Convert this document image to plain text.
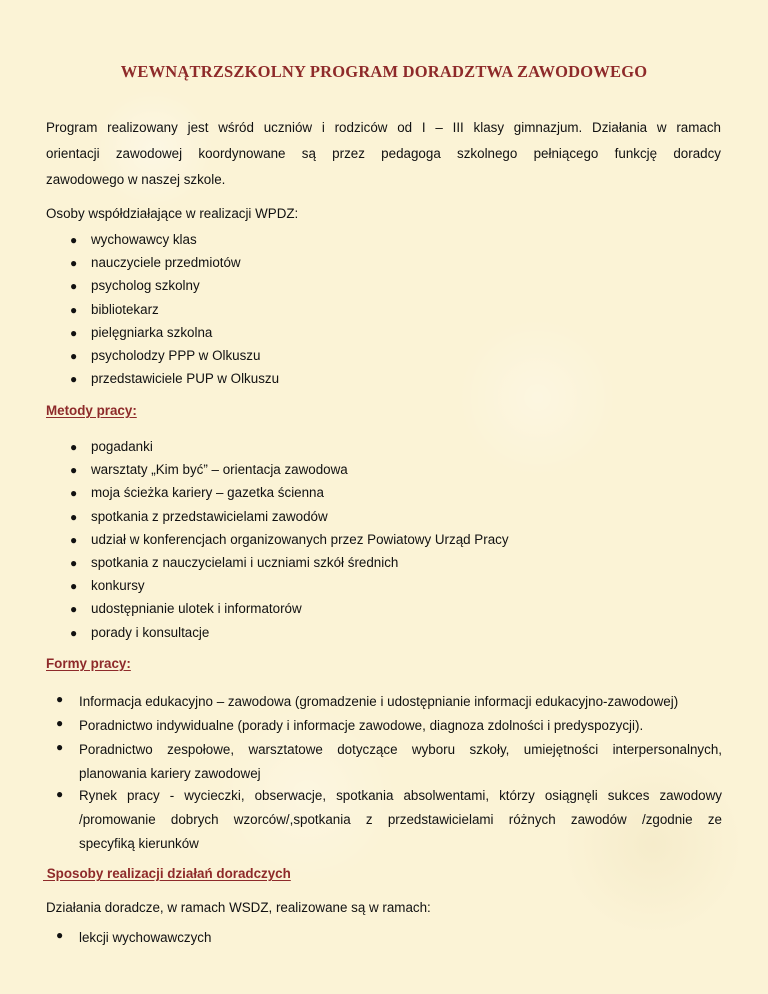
WEWNĄTRZSZKOLNY PROGRAM DORADZTWA ZAWODOWEGO
Program realizowany jest wśród uczniów i rodziców od I – III klasy gimnazjum. Działania w ramach
orientacji zawodowej koordynowane są przez pedagoga szkolnego pełniącego funkcję doradcy
zawodowego w naszej szkole.
Osoby współdziałające w realizacji WPDZ:
● wychowawcy klas
● nauczyciele przedmiotów
● psycholog szkolny
● bibliotekarz
● pielęgniarka szkolna
● psycholodzy PPP w Olkuszu
● przedstawiciele PUP w Olkuszu
Metody pracy:
● pogadanki
● warsztaty „Kim być” – orientacja zawodowa
● moja ścieżka kariery – gazetka ścienna
● spotkania z przedstawicielami zawodów
● udział w konferencjach organizowanych przez Powiatowy Urząd Pracy
● spotkania z nauczycielami i uczniami szkół średnich
● konkursy
● udostępnianie ulotek i informatorów
● porady i konsultacje
Formy pracy:
● Informacja edukacyjno – zawodowa (gromadzenie i udostępnianie informacji edukacyjno-zawodowej)
● Poradnictwo indywidualne (porady i informacje zawodowe, diagnoza zdolności i predyspozycji).
● Poradnictwo zespołowe, warsztatowe dotyczące wyboru szkoły, umiejętności interpersonalnych,
planowania kariery zawodowej
● Rynek pracy - wycieczki, obserwacje, spotkania absolwentami, którzy osiągnęli sukces zawodowy
/promowanie dobrych wzorców/,spotkania z przedstawicielami różnych zawodów /zgodnie ze
specyfiką kierunków
Sposoby realizacji działań doradczych
Działania doradcze, w ramach WSDZ, realizowane są w ramach:
● lekcji wychowawczych
